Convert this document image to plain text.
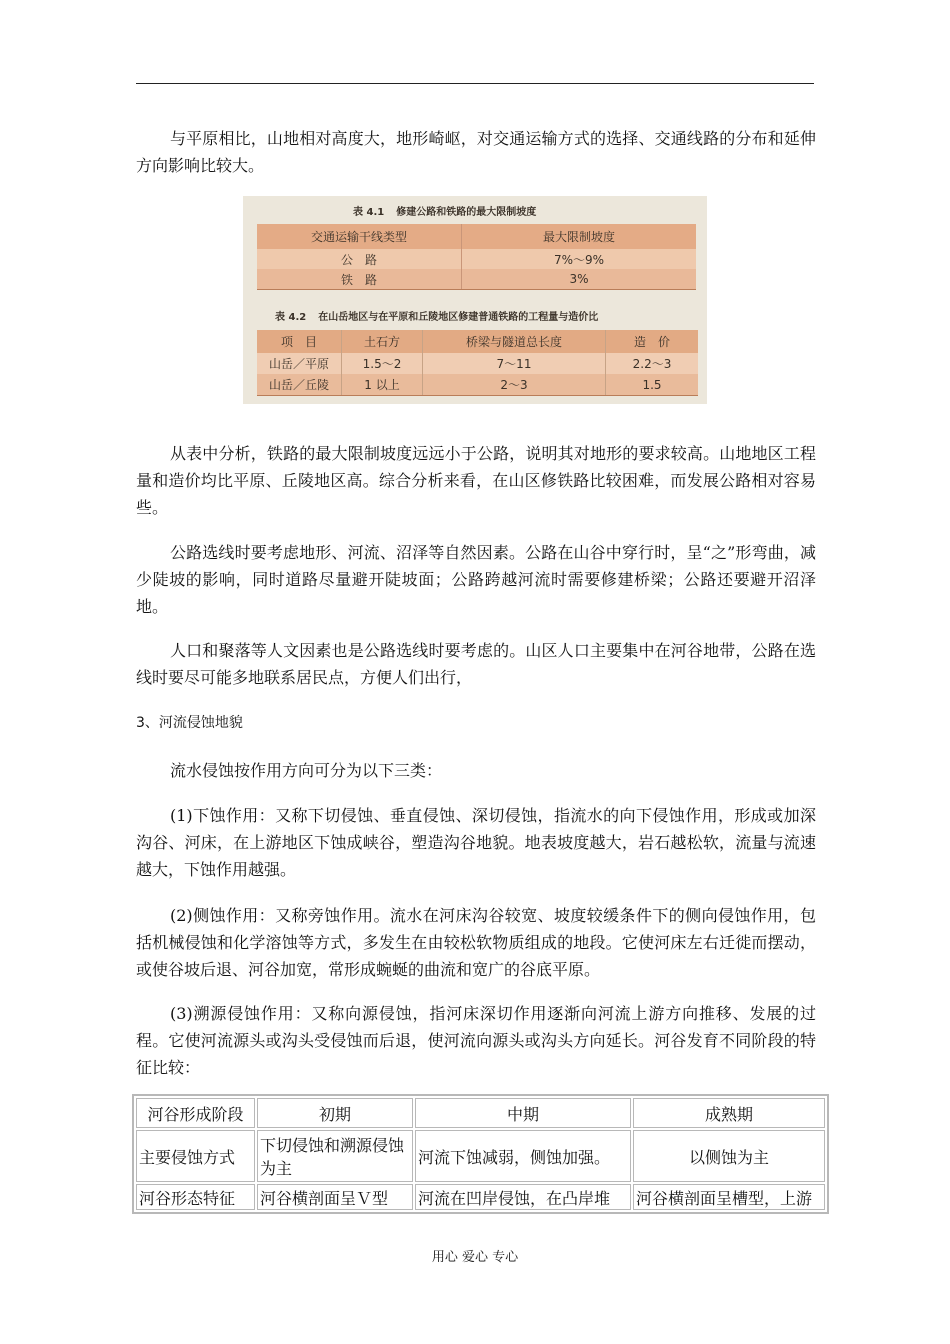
与平原相比，山地相对高度大，地形崎岖，对交通运输方式的选择、交通线路的分布和延伸方向影响比较大。

表 4.1 修建公路和铁路的最大限制坡度
交通运输干线类型	最大限制坡度
公　路	7%～9%
铁　路	3%
表 4.2 在山岳地区与在平原和丘陵地区修建普通铁路的工程量与造价比
项　目	土石方	桥梁与隧道总长度	造　价
山岳／平原	1.5～2	7～11	2.2～3
山岳／丘陵	1 以上	2～3	1.5

从表中分析，铁路的最大限制坡度远远小于公路，说明其对地形的要求较高。山地地区工程量和造价均比平原、丘陵地区高。综合分析来看，在山区修铁路比较困难，而发展公路相对容易些。

公路选线时要考虑地形、河流、沼泽等自然因素。公路在山谷中穿行时，呈“之”形弯曲，减少陡坡的影响，同时道路尽量避开陡坡面；公路跨越河流时需要修建桥梁；公路还要避开沼泽地。

人口和聚落等人文因素也是公路选线时要考虑的。山区人口主要集中在河谷地带，公路在选线时要尽可能多地联系居民点，方便人们出行，

3、河流侵蚀地貌

流水侵蚀按作用方向可分为以下三类：

(1)下蚀作用：又称下切侵蚀、垂直侵蚀、深切侵蚀，指流水的向下侵蚀作用，形成或加深沟谷、河床，在上游地区下蚀成峡谷，塑造沟谷地貌。地表坡度越大，岩石越松软，流量与流速越大，下蚀作用越强。

(2)侧蚀作用：又称旁蚀作用。流水在河床沟谷较宽、坡度较缓条件下的侧向侵蚀作用，包括机械侵蚀和化学溶蚀等方式，多发生在由较松软物质组成的地段。它使河床左右迁徙而摆动，或使谷坡后退、河谷加宽，常形成蜿蜒的曲流和宽广的谷底平原。

(3)溯源侵蚀作用：又称向源侵蚀，指河床深切作用逐渐向河流上游方向推移、发展的过程。它使河流源头或沟头受侵蚀而后退，使河流向源头或沟头方向延长。河谷发育不同阶段的特征比较：

河谷形成阶段	初期	中期	成熟期
主要侵蚀方式	下切侵蚀和溯源侵蚀为主	河流下蚀减弱，侧蚀加强。	以侧蚀为主
河谷形态特征	河谷横剖面呈Ｖ型	河流在凹岸侵蚀，在凸岸堆	河谷横剖面呈槽型，上游
用心 爱心 专心
